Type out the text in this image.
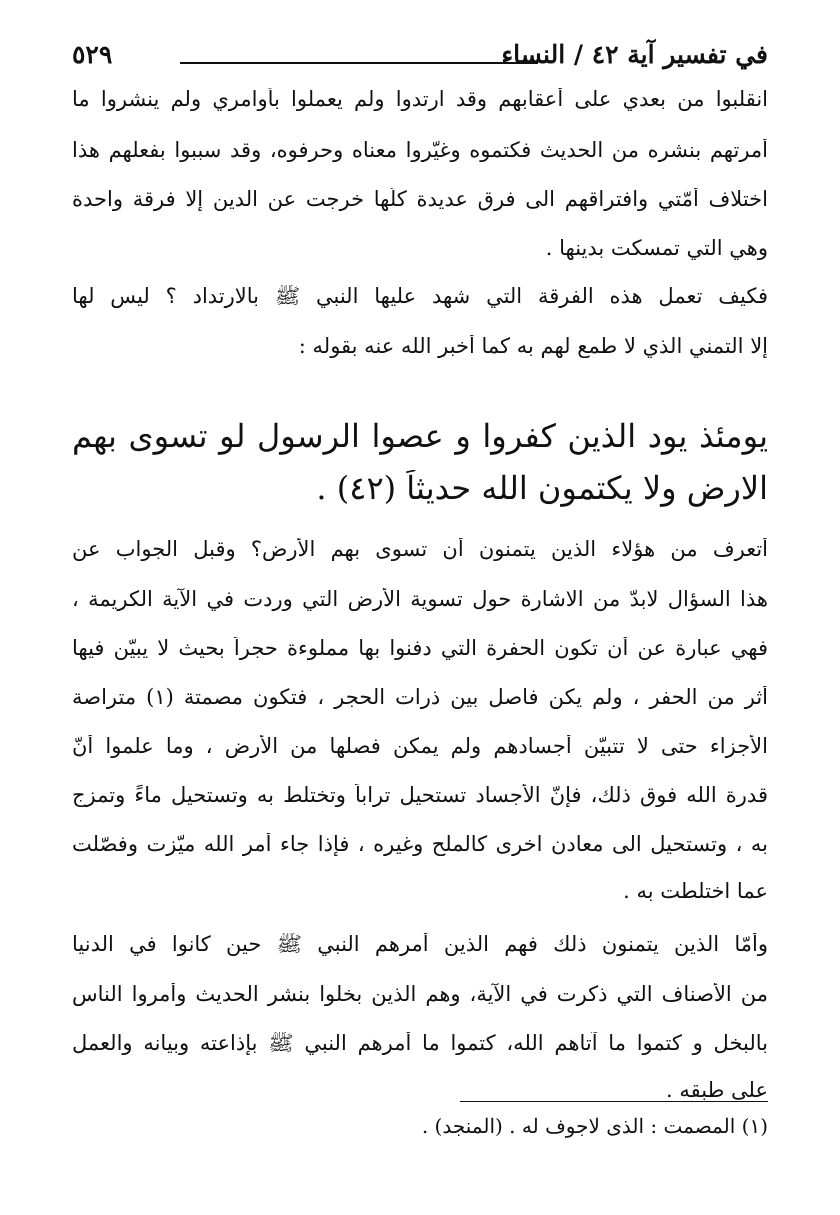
في تفسير آية ٤٢ / النساء
٥٢٩
انقلبوا من بعدي على أعقابهم وقد ارتدوا ولم يعملوا بأوامري ولم ينشروا ما
أمرتهم بنشره من الحديث فكتموه وغيّروا معناه وحرفوه، وقد سببوا بفعلهم هذا
اختلاف أمّتي وافتراقهم الى فرق عديدة كلّها خرجت عن الدين إلا فرقة واحدة
وهي التي تمسكت بدينها .
فكيف تعمل هذه الفرقة التي شهد عليها النبي ﷺ بالارتداد ؟ ليس لها
إلا التمني الذي لا طمع لهم به كما أخبر الله عنه بقوله :
يومئذ يود الذين كفروا و عصوا الرسول لو تسوى بهم
الارض ولا يكتمون الله حديثاً (٤٢) .
أتعرف من هؤلاء الذين يتمنون أن تسوى بهم الأرض؟ وقبل الجواب عن
هذا السؤال لابدّ من الاشارة حول تسوية الأرض التي وردت في الآية الكريمة ،
فهي عبارة عن أن تكون الحفرة التي دفنوا بها مملوءة حجراً بحيث لا يبيّن فيها
أثر من الحفر ، ولم يكن فاصل بين ذرات الحجر ، فتكون مصمتة (١) متراصة
الأجزاء حتى لا تتبيّن أجسادهم ولم يمكن فصلها من الأرض ، وما علموا أنّ
قدرة الله فوق ذلك، فإنّ الأجساد تستحيل تراباً وتختلط به وتستحيل ماءً وتمزج
به ، وتستحيل الى معادن اخرى كالملح وغيره ، فإذا جاء أمر الله ميّزت وفصّلت
عما اختلطت به .
وأمّا الذين يتمنون ذلك فهم الذين أمرهم النبي ﷺ حين كانوا في الدنيا
من الأصناف التي ذكرت في الآية، وهم الذين بخلوا بنشر الحديث وأمروا الناس
بالبخل و كتموا ما آتاهم الله، كتموا ما أمرهم النبي ﷺ بإذاعته وبيانه والعمل
على طبقه .
(١) المصمت : الذى لاجوف له . (المنجد) .
